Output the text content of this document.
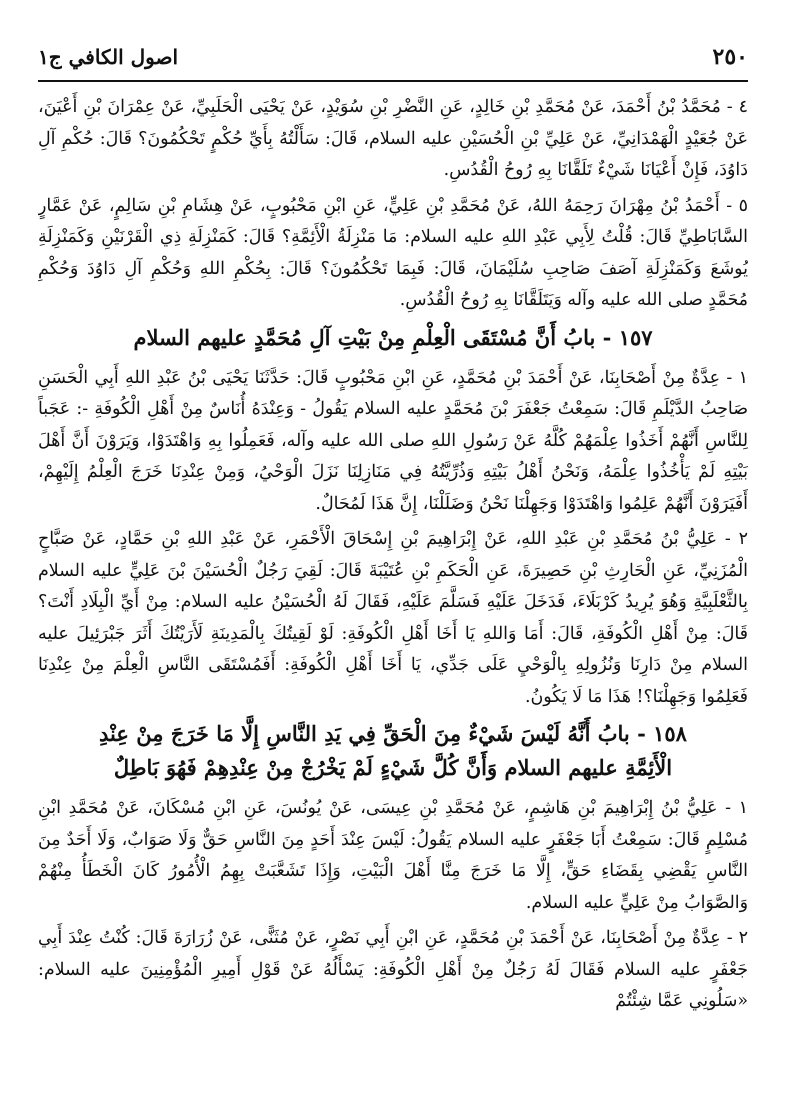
٢٥٠
اصول الكافي ج١

٤ - مُحَمَّدُ بْنُ أَحْمَدَ، عَنْ مُحَمَّدِ بْنِ خَالِدٍ، عَنِ النَّضْرِ بْنِ سُوَيْدٍ، عَنْ يَحْيَى الْحَلَبِيِّ، عَنْ عِمْرَانَ بْنِ أَعْيَنَ، عَنْ جُعَيْدٍ الْهَمْدَانِيِّ، عَنْ عَلِيِّ بْنِ الْحُسَيْنِ عليه السلام، قَالَ: سَأَلْتُهُ بِأَيِّ حُكْمٍ تَحْكُمُونَ؟ قَالَ: حُكْمِ آلِ دَاوُدَ، فَإِنْ أَعْيَانَا شَيْءٌ تَلَقَّانَا بِهِ رُوحُ الْقُدُسِ.

٥ - أَحْمَدُ بْنُ مِهْرَانَ رَحِمَهُ اللهُ، عَنْ مُحَمَّدِ بْنِ عَلِيٍّ، عَنِ ابْنِ مَحْبُوبٍ، عَنْ هِشَامِ بْنِ سَالِمٍ، عَنْ عَمَّارٍ السَّابَاطِيِّ قَالَ: قُلْتُ لِأَبِي عَبْدِ اللهِ عليه السلام: مَا مَنْزِلَةُ الْأَئِمَّةِ؟ قَالَ: كَمَنْزِلَةِ ذِي الْقَرْنَيْنِ وَكَمَنْزِلَةِ يُوشَعَ وَكَمَنْزِلَةِ آصَفَ صَاحِبِ سُلَيْمَانَ، قَالَ: فَبِمَا تَحْكُمُونَ؟ قَالَ: بِحُكْمِ اللهِ وَحُكْمِ آلِ دَاوُدَ وَحُكْمِ مُحَمَّدٍ صلى الله عليه وآله وَيَتَلَقَّانَا بِهِ رُوحُ الْقُدُسِ.

١٥٧ - بابُ أَنَّ مُسْتَقَى الْعِلْمِ مِنْ بَيْتِ آلِ مُحَمَّدٍ عليهم السلام

١ - عِدَّةٌ مِنْ أَصْحَابِنَا، عَنْ أَحْمَدَ بْنِ مُحَمَّدٍ، عَنِ ابْنِ مَحْبُوبٍ قَالَ: حَدَّثَنَا يَحْيَى بْنُ عَبْدِ اللهِ أَبِي الْحَسَنِ صَاحِبُ الدَّيْلَمِ قَالَ: سَمِعْتُ جَعْفَرَ بْنَ مُحَمَّدٍ عليه السلام يَقُولُ - وَعِنْدَهُ أُنَاسٌ مِنْ أَهْلِ الْكُوفَةِ -: عَجَباً لِلنَّاسِ أَنَّهُمْ أَخَذُوا عِلْمَهُمْ كُلَّهُ عَنْ رَسُولِ اللهِ صلى الله عليه وآله، فَعَمِلُوا بِهِ وَاهْتَدَوْا، وَيَرَوْنَ أَنَّ أَهْلَ بَيْتِهِ لَمْ يَأْخُذُوا عِلْمَهُ، وَنَحْنُ أَهْلُ بَيْتِهِ وَذُرِّيَّتُهُ فِي مَنَازِلِنَا نَزَلَ الْوَحْيُ، وَمِنْ عِنْدِنَا خَرَجَ الْعِلْمُ إِلَيْهِمْ، أَفَيَرَوْنَ أَنَّهُمْ عَلِمُوا وَاهْتَدَوْا وَجَهِلْنَا نَحْنُ وَضَلَلْنَا، إِنَّ هَذَا لَمُحَالٌ.

٢ - عَلِيُّ بْنُ مُحَمَّدِ بْنِ عَبْدِ اللهِ، عَنْ إِبْرَاهِيمَ بْنِ إِسْحَاقَ الْأَحْمَرِ، عَنْ عَبْدِ اللهِ بْنِ حَمَّادٍ، عَنْ صَبَّاحٍ الْمُزَنِيِّ، عَنِ الْحَارِثِ بْنِ حَصِيرَةَ، عَنِ الْحَكَمِ بْنِ عُتَيْبَةَ قَالَ: لَقِيَ رَجُلٌ الْحُسَيْنَ بْنَ عَلِيٍّ عليه السلام بِالثَّعْلَبِيَّةِ وَهُوَ يُرِيدُ كَرْبَلَاءَ، فَدَخَلَ عَلَيْهِ فَسَلَّمَ عَلَيْهِ، فَقَالَ لَهُ الْحُسَيْنُ عليه السلام: مِنْ أَيِّ الْبِلَادِ أَنْتَ؟ قَالَ: مِنْ أَهْلِ الْكُوفَةِ، قَالَ: أَمَا وَاللهِ يَا أَخَا أَهْلِ الْكُوفَةِ: لَوْ لَقِيتُكَ بِالْمَدِينَةِ لَأَرَيْتُكَ أَثَرَ جَبْرَئِيلَ عليه السلام مِنْ دَارِنَا وَنُزُولِهِ بِالْوَحْيِ عَلَى جَدِّي، يَا أَخَا أَهْلِ الْكُوفَةِ: أَفَمُسْتَقَى النَّاسِ الْعِلْمَ مِنْ عِنْدِنَا فَعَلِمُوا وَجَهِلْنَا؟! هَذَا مَا لَا يَكُونُ.

١٥٨ - بابُ أَنَّهُ لَيْسَ شَيْءٌ مِنَ الْحَقِّ فِي يَدِ النَّاسِ إِلَّا مَا خَرَجَ مِنْ عِنْدِ
الْأَئِمَّةِ عليهم السلام وَأَنَّ كُلَّ شَيْءٍ لَمْ يَخْرُجْ مِنْ عِنْدِهِمْ فَهُوَ بَاطِلٌ

١ - عَلِيُّ بْنُ إِبْرَاهِيمَ بْنِ هَاشِمٍ، عَنْ مُحَمَّدِ بْنِ عِيسَى، عَنْ يُونُسَ، عَنِ ابْنِ مُسْكَانَ، عَنْ مُحَمَّدِ ابْنِ مُسْلِمٍ قَالَ: سَمِعْتُ أَبَا جَعْفَرٍ عليه السلام يَقُولُ: لَيْسَ عِنْدَ أَحَدٍ مِنَ النَّاسِ حَقٌّ وَلَا صَوَابٌ، وَلَا أَحَدٌ مِنَ النَّاسِ يَقْضِي بِقَضَاءِ حَقٍّ، إِلَّا مَا خَرَجَ مِنَّا أَهْلَ الْبَيْتِ، وَإِذَا تَشَعَّبَتْ بِهِمُ الْأُمُورُ كَانَ الْخَطَأُ مِنْهُمْ وَالصَّوَابُ مِنْ عَلِيٍّ عليه السلام.

٢ - عِدَّةٌ مِنْ أَصْحَابِنَا، عَنْ أَحْمَدَ بْنِ مُحَمَّدٍ، عَنِ ابْنِ أَبِي نَصْرٍ، عَنْ مُثَنًّى، عَنْ زُرَارَةَ قَالَ: كُنْتُ عِنْدَ أَبِي جَعْفَرٍ عليه السلام فَقَالَ لَهُ رَجُلٌ مِنْ أَهْلِ الْكُوفَةِ: يَسْأَلُهُ عَنْ قَوْلِ أَمِيرِ الْمُؤْمِنِينَ عليه السلام: «سَلُونِي عَمَّا شِئْتُمْ
